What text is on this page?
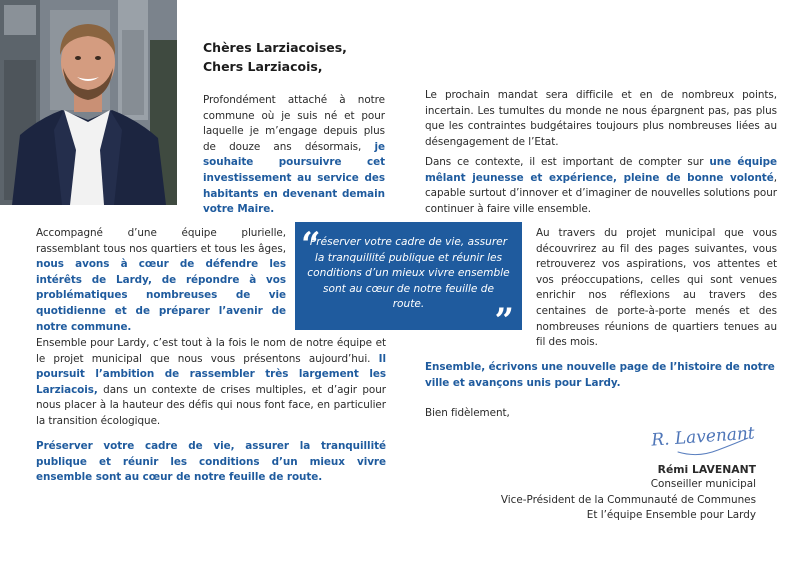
Chères Larziacoises,
Chers Larziacois,
Profondément attaché à notre commune où je suis né et pour laquelle je m’engage depuis plus de douze ans désormais, je souhaite poursuivre cet investissement au service des habitants en devenant demain votre Maire.
Accompagné d’une équipe plurielle, rassemblant tous nos quartiers et tous les âges, nous avons à cœur de défendre les intérêts de Lardy, de répondre à vos problématiques nombreuses de vie quotidienne et de préparer l’avenir de notre commune.
“
Préserver votre cadre de vie, assurer la tranquillité publique et réunir les conditions d’un mieux vivre ensemble sont au cœur de notre feuille de route.	”
Ensemble pour Lardy, c’est tout à la fois le nom de notre équipe et le projet municipal que nous vous présentons aujourd’hui. Il poursuit l’ambition de rassembler très largement les Larziacois, dans un contexte de crises multiples, et d’agir pour nous placer à la hauteur des défis qui nous font face, en particulier la transition écologique.
Préserver votre cadre de vie, assurer la tranquillité publique et réunir les conditions d’un mieux vivre ensemble sont au cœur de notre feuille de route.
Le prochain mandat sera difficile et en de nombreux points, incertain. Les tumultes du monde ne nous épargnent pas, pas plus que les contraintes budgétaires toujours plus nombreuses liées au désengagement de l’Etat.
Dans ce contexte, il est important de compter sur une équipe mêlant jeunesse et expérience, pleine de bonne volonté, capable surtout d’innover et d’imaginer de nouvelles solutions pour continuer à faire ville ensemble.
Au travers du projet municipal que vous découvrirez au fil des pages suivantes, vous retrouverez vos aspirations, vos attentes et vos préoccupations, celles qui sont venues enrichir nos réflexions au travers des centaines de porte-à-porte menés et des nombreuses réunions de quartiers tenues au fil des mois.
Ensemble, écrivons une nouvelle page de l’histoire de notre ville et avançons unis pour Lardy.
Bien fidèlement,
R. Lavenant
Rémi LAVENANT
Conseiller municipal
Vice-Président de la Communauté de Communes
Et l’équipe Ensemble pour Lardy
